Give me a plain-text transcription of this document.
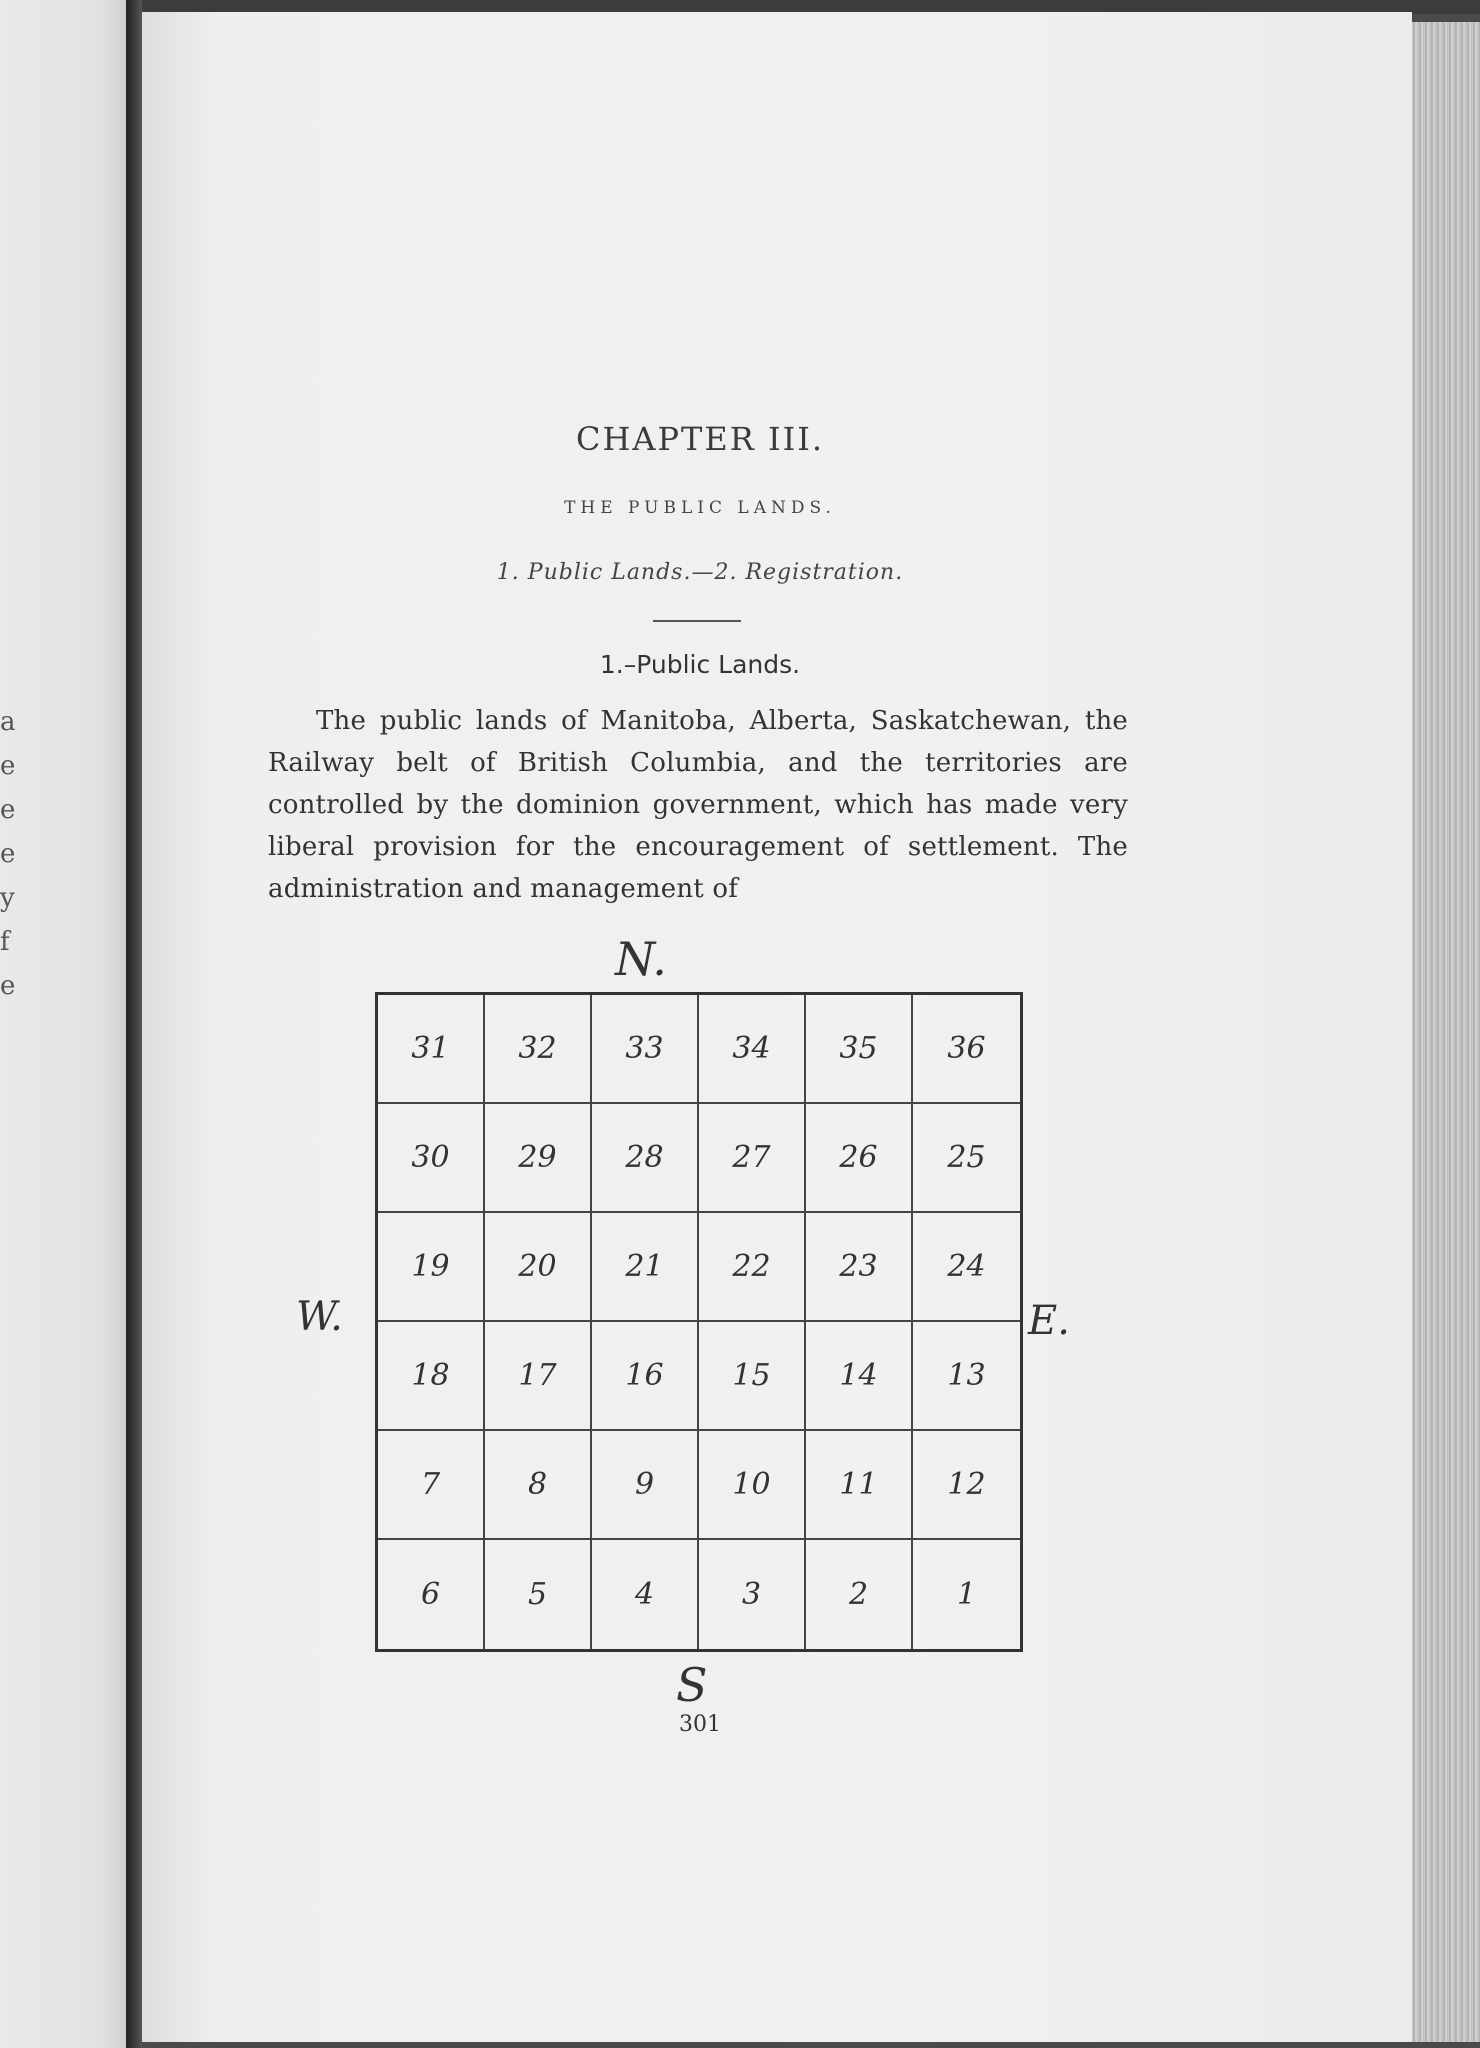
a
e
e
e
y
f
e
CHAPTER III.
THE PUBLIC LANDS.
1. Public Lands.—2. Registration.
1.–Public Lands.

The public lands of Manitoba, Alberta, Saskatchewan, the Railway belt of British Columbia, and the territories are controlled by the dominion government, which has made very liberal provision for the encouragement of settlement. The administration and management of

N.
W.	E.
S
31	32	33	34	35	36
30	29	28	27	26	25
19	20	21	22	23	24
18	17	16	15	14	13
7	8	9	10	11	12
6	5	4	3	2	1
301
